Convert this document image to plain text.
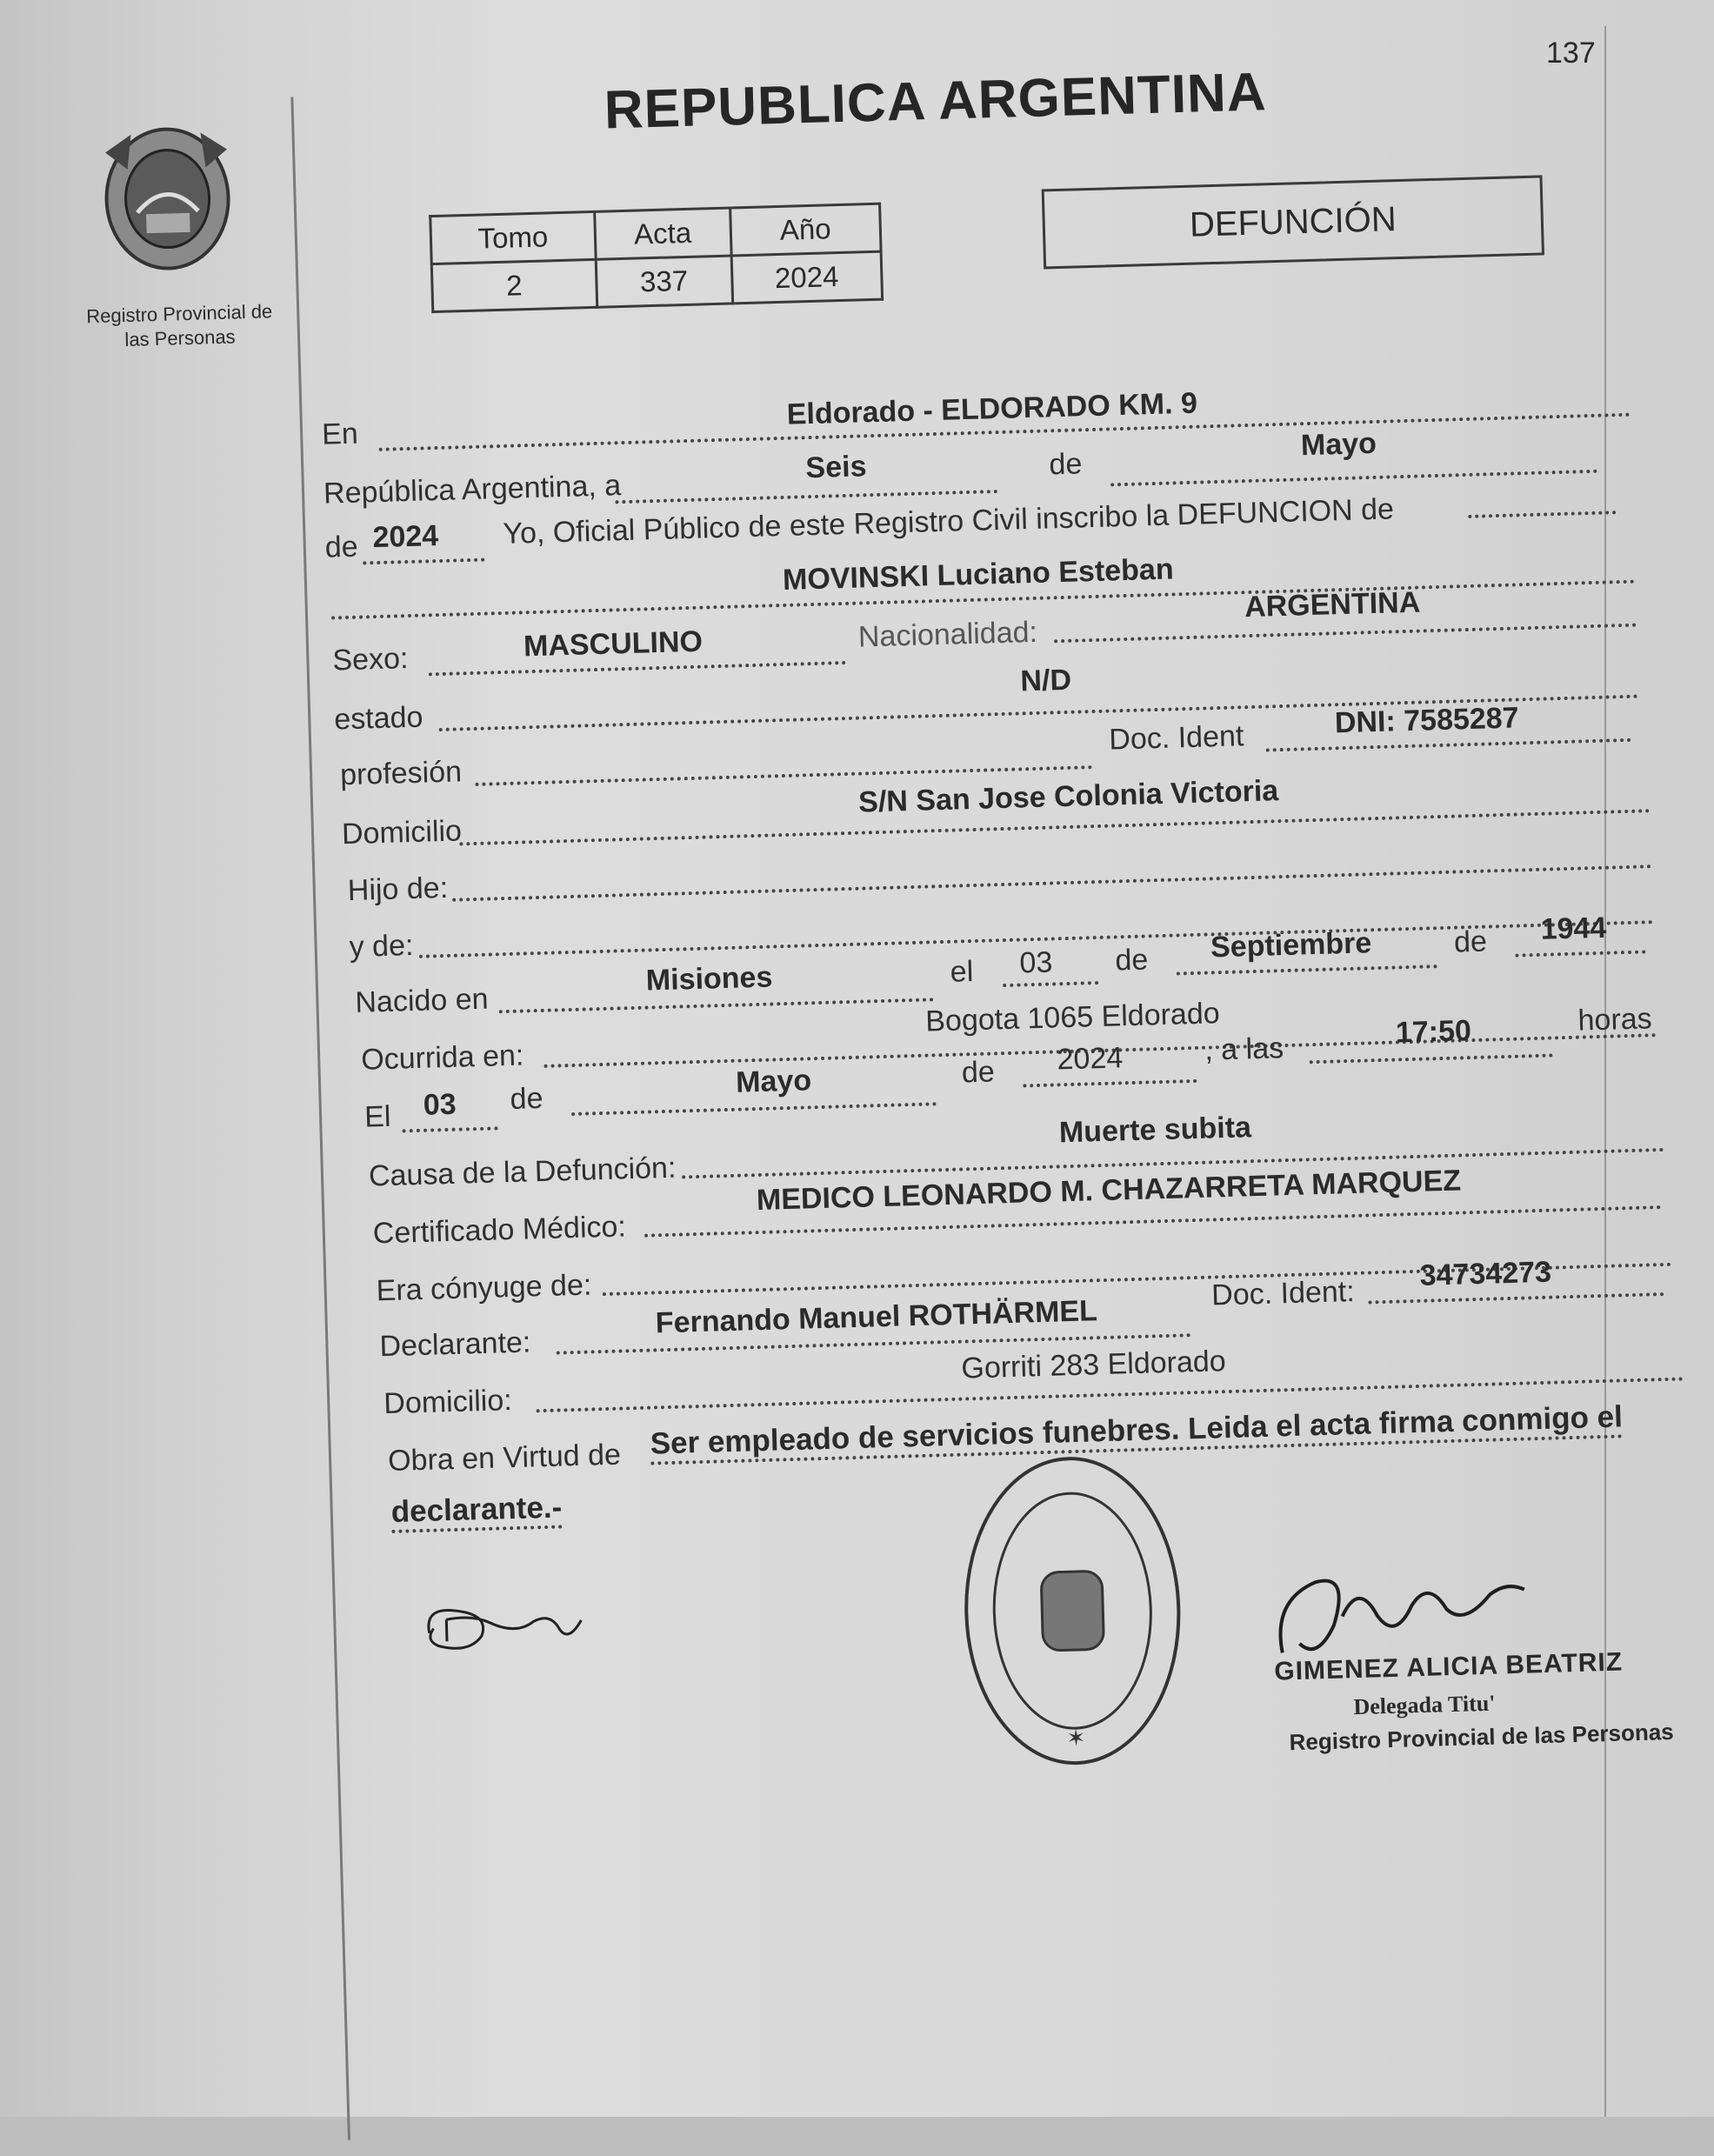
137
Registro Provincial de
las Personas
REPUBLICA ARGENTINA
Tomo	Acta	Año
2	337	2024
DEFUNCIÓN
En
Eldorado - ELDORADO KM. 9
República Argentina, a
Seis	de
Mayo
de 2024 Yo, Oficial Público de este Registro Civil inscribo la DEFUNCION de
MOVINSKI Luciano Esteban
Sexo:	MASCULINO	Nacionalidad:
ARGENTINA
estado
N/D
profesión
Doc. Ident	DNI: 7585287
Domicilio
S/N San Jose Colonia Victoria
Hijo de:
y de:
Nacido en
Misiones	el 03 de Septiembre	de 1944
Ocurrida en:
Bogota 1065 Eldorado
El 03 de	Mayo	de 2024	, a las	17:50	horas
Causa de la Defunción:
Muerte subita
Certificado Médico:
MEDICO LEONARDO M. CHAZARRETA MARQUEZ
Era cónyuge de:
Declarante:
Fernando Manuel ROTHÄRMEL
Doc. Ident:
34734273
Domicilio:
Gorriti 283 Eldorado
Obra en Virtud de Ser empleado de servicios funebres. Leida el acta firma conmigo el
declarante.-
✶
GIMENEZ ALICIA BEATRIZ
Delegada Titu'
Registro Provincial de las Personas
